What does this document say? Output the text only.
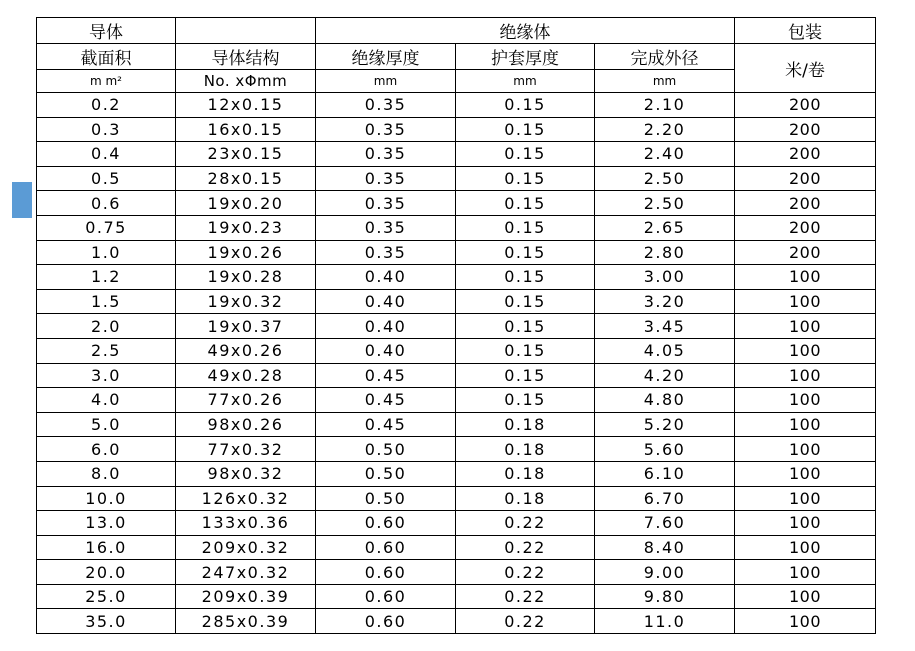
导体		绝缘体			包装
截面积	导体结构	绝缘厚度	护套厚度	完成外径	米/卷
m m²	No. xΦmm	mm	mm	mm	
0.2	12x0.15	0.35	0.15	2.10	200
0.3	16x0.15	0.35	0.15	2.20	200
0.4	23x0.15	0.35	0.15	2.40	200
0.5	28x0.15	0.35	0.15	2.50	200
0.6	19x0.20	0.35	0.15	2.50	200
0.75	19x0.23	0.35	0.15	2.65	200
1.0	19x0.26	0.35	0.15	2.80	200
1.2	19x0.28	0.40	0.15	3.00	100
1.5	19x0.32	0.40	0.15	3.20	100
2.0	19x0.37	0.40	0.15	3.45	100
2.5	49x0.26	0.40	0.15	4.05	100
3.0	49x0.28	0.45	0.15	4.20	100
4.0	77x0.26	0.45	0.15	4.80	100
5.0	98x0.26	0.45	0.18	5.20	100
6.0	77x0.32	0.50	0.18	5.60	100
8.0	98x0.32	0.50	0.18	6.10	100
10.0	126x0.32	0.50	0.18	6.70	100
13.0	133x0.36	0.60	0.22	7.60	100
16.0	209x0.32	0.60	0.22	8.40	100
20.0	247x0.32	0.60	0.22	9.00	100
25.0	209x0.39	0.60	0.22	9.80	100
35.0	285x0.39	0.60	0.22	11.0	100
